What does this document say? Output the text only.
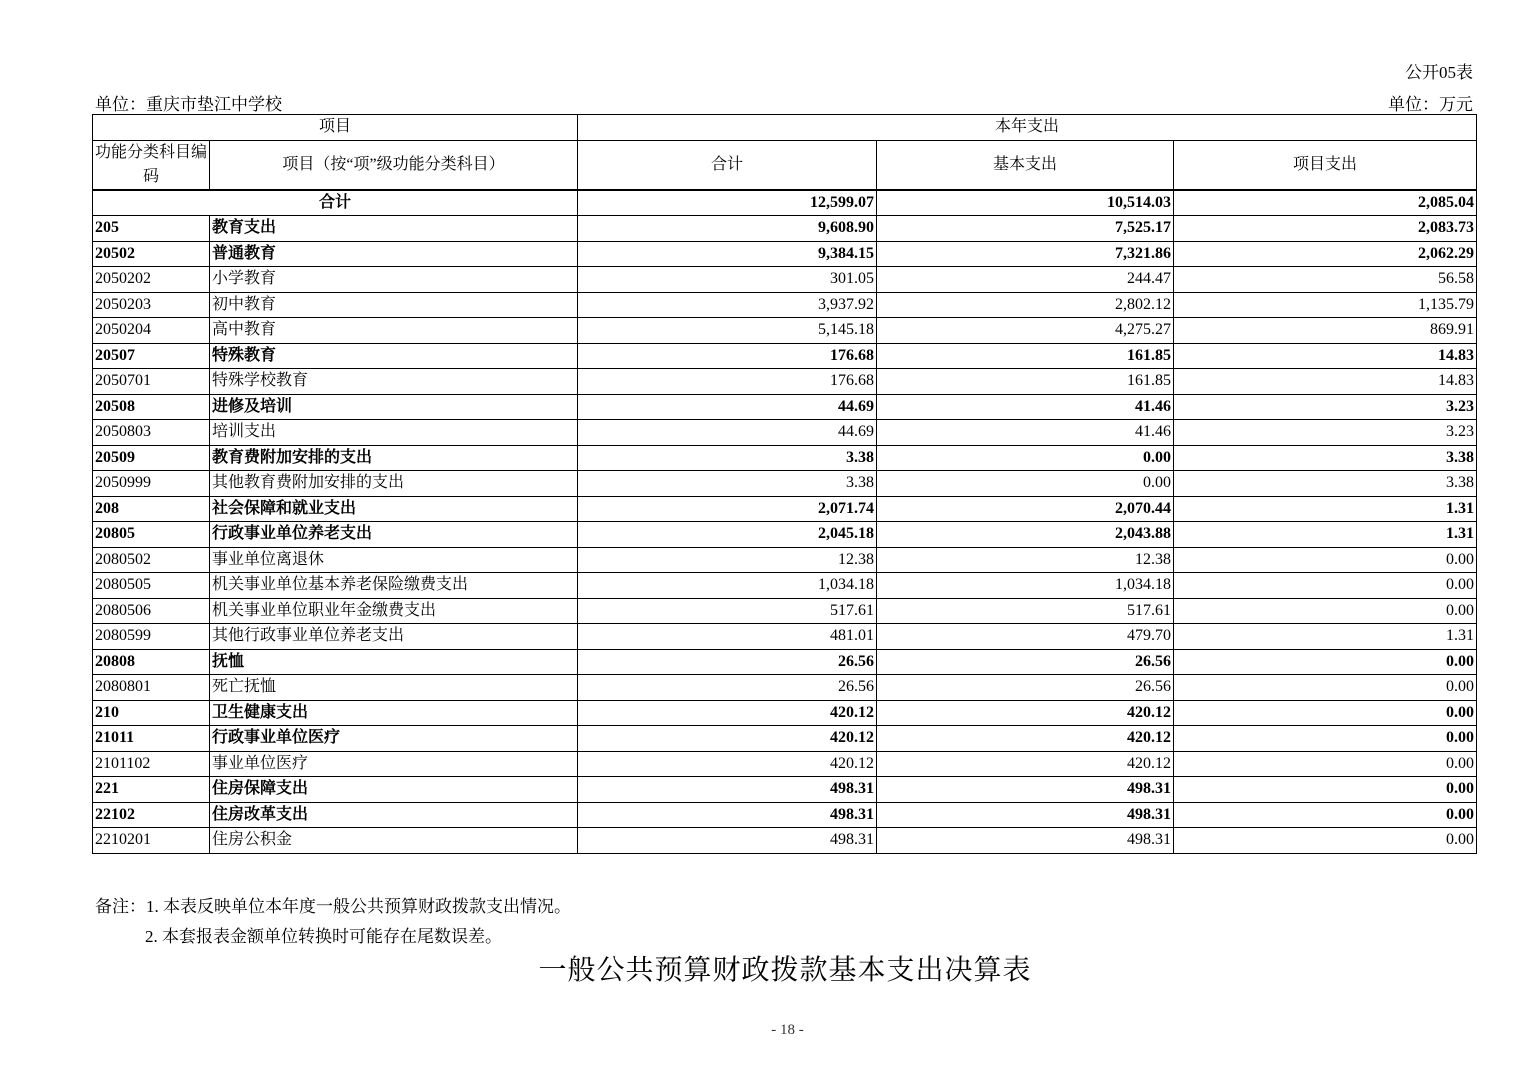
公开05表
单位：重庆市垫江中学校	单位：万元
项目		本年支出		
功能分类科目编码	项目（按“项”级功能分类科目）	合计	基本支出	项目支出
合计		12,599.07	10,514.03	2,085.04
205	教育支出	9,608.90	7,525.17	2,083.73
20502	普通教育	9,384.15	7,321.86	2,062.29
2050202	小学教育	301.05	244.47	56.58
2050203	初中教育	3,937.92	2,802.12	1,135.79
2050204	高中教育	5,145.18	4,275.27	869.91
20507	特殊教育	176.68	161.85	14.83
2050701	特殊学校教育	176.68	161.85	14.83
20508	进修及培训	44.69	41.46	3.23
2050803	培训支出	44.69	41.46	3.23
20509	教育费附加安排的支出	3.38	0.00	3.38
2050999	其他教育费附加安排的支出	3.38	0.00	3.38
208	社会保障和就业支出	2,071.74	2,070.44	1.31
20805	行政事业单位养老支出	2,045.18	2,043.88	1.31
2080502	事业单位离退休	12.38	12.38	0.00
2080505	机关事业单位基本养老保险缴费支出	1,034.18	1,034.18	0.00
2080506	机关事业单位职业年金缴费支出	517.61	517.61	0.00
2080599	其他行政事业单位养老支出	481.01	479.70	1.31
20808	抚恤	26.56	26.56	0.00
2080801	死亡抚恤	26.56	26.56	0.00
210	卫生健康支出	420.12	420.12	0.00
21011	行政事业单位医疗	420.12	420.12	0.00
2101102	事业单位医疗	420.12	420.12	0.00
221	住房保障支出	498.31	498.31	0.00
22102	住房改革支出	498.31	498.31	0.00
2210201	住房公积金	498.31	498.31	0.00
备注：1. 本表反映单位本年度一般公共预算财政拨款支出情况。
2. 本套报表金额单位转换时可能存在尾数误差。
一般公共预算财政拨款基本支出决算表
- 18 -
